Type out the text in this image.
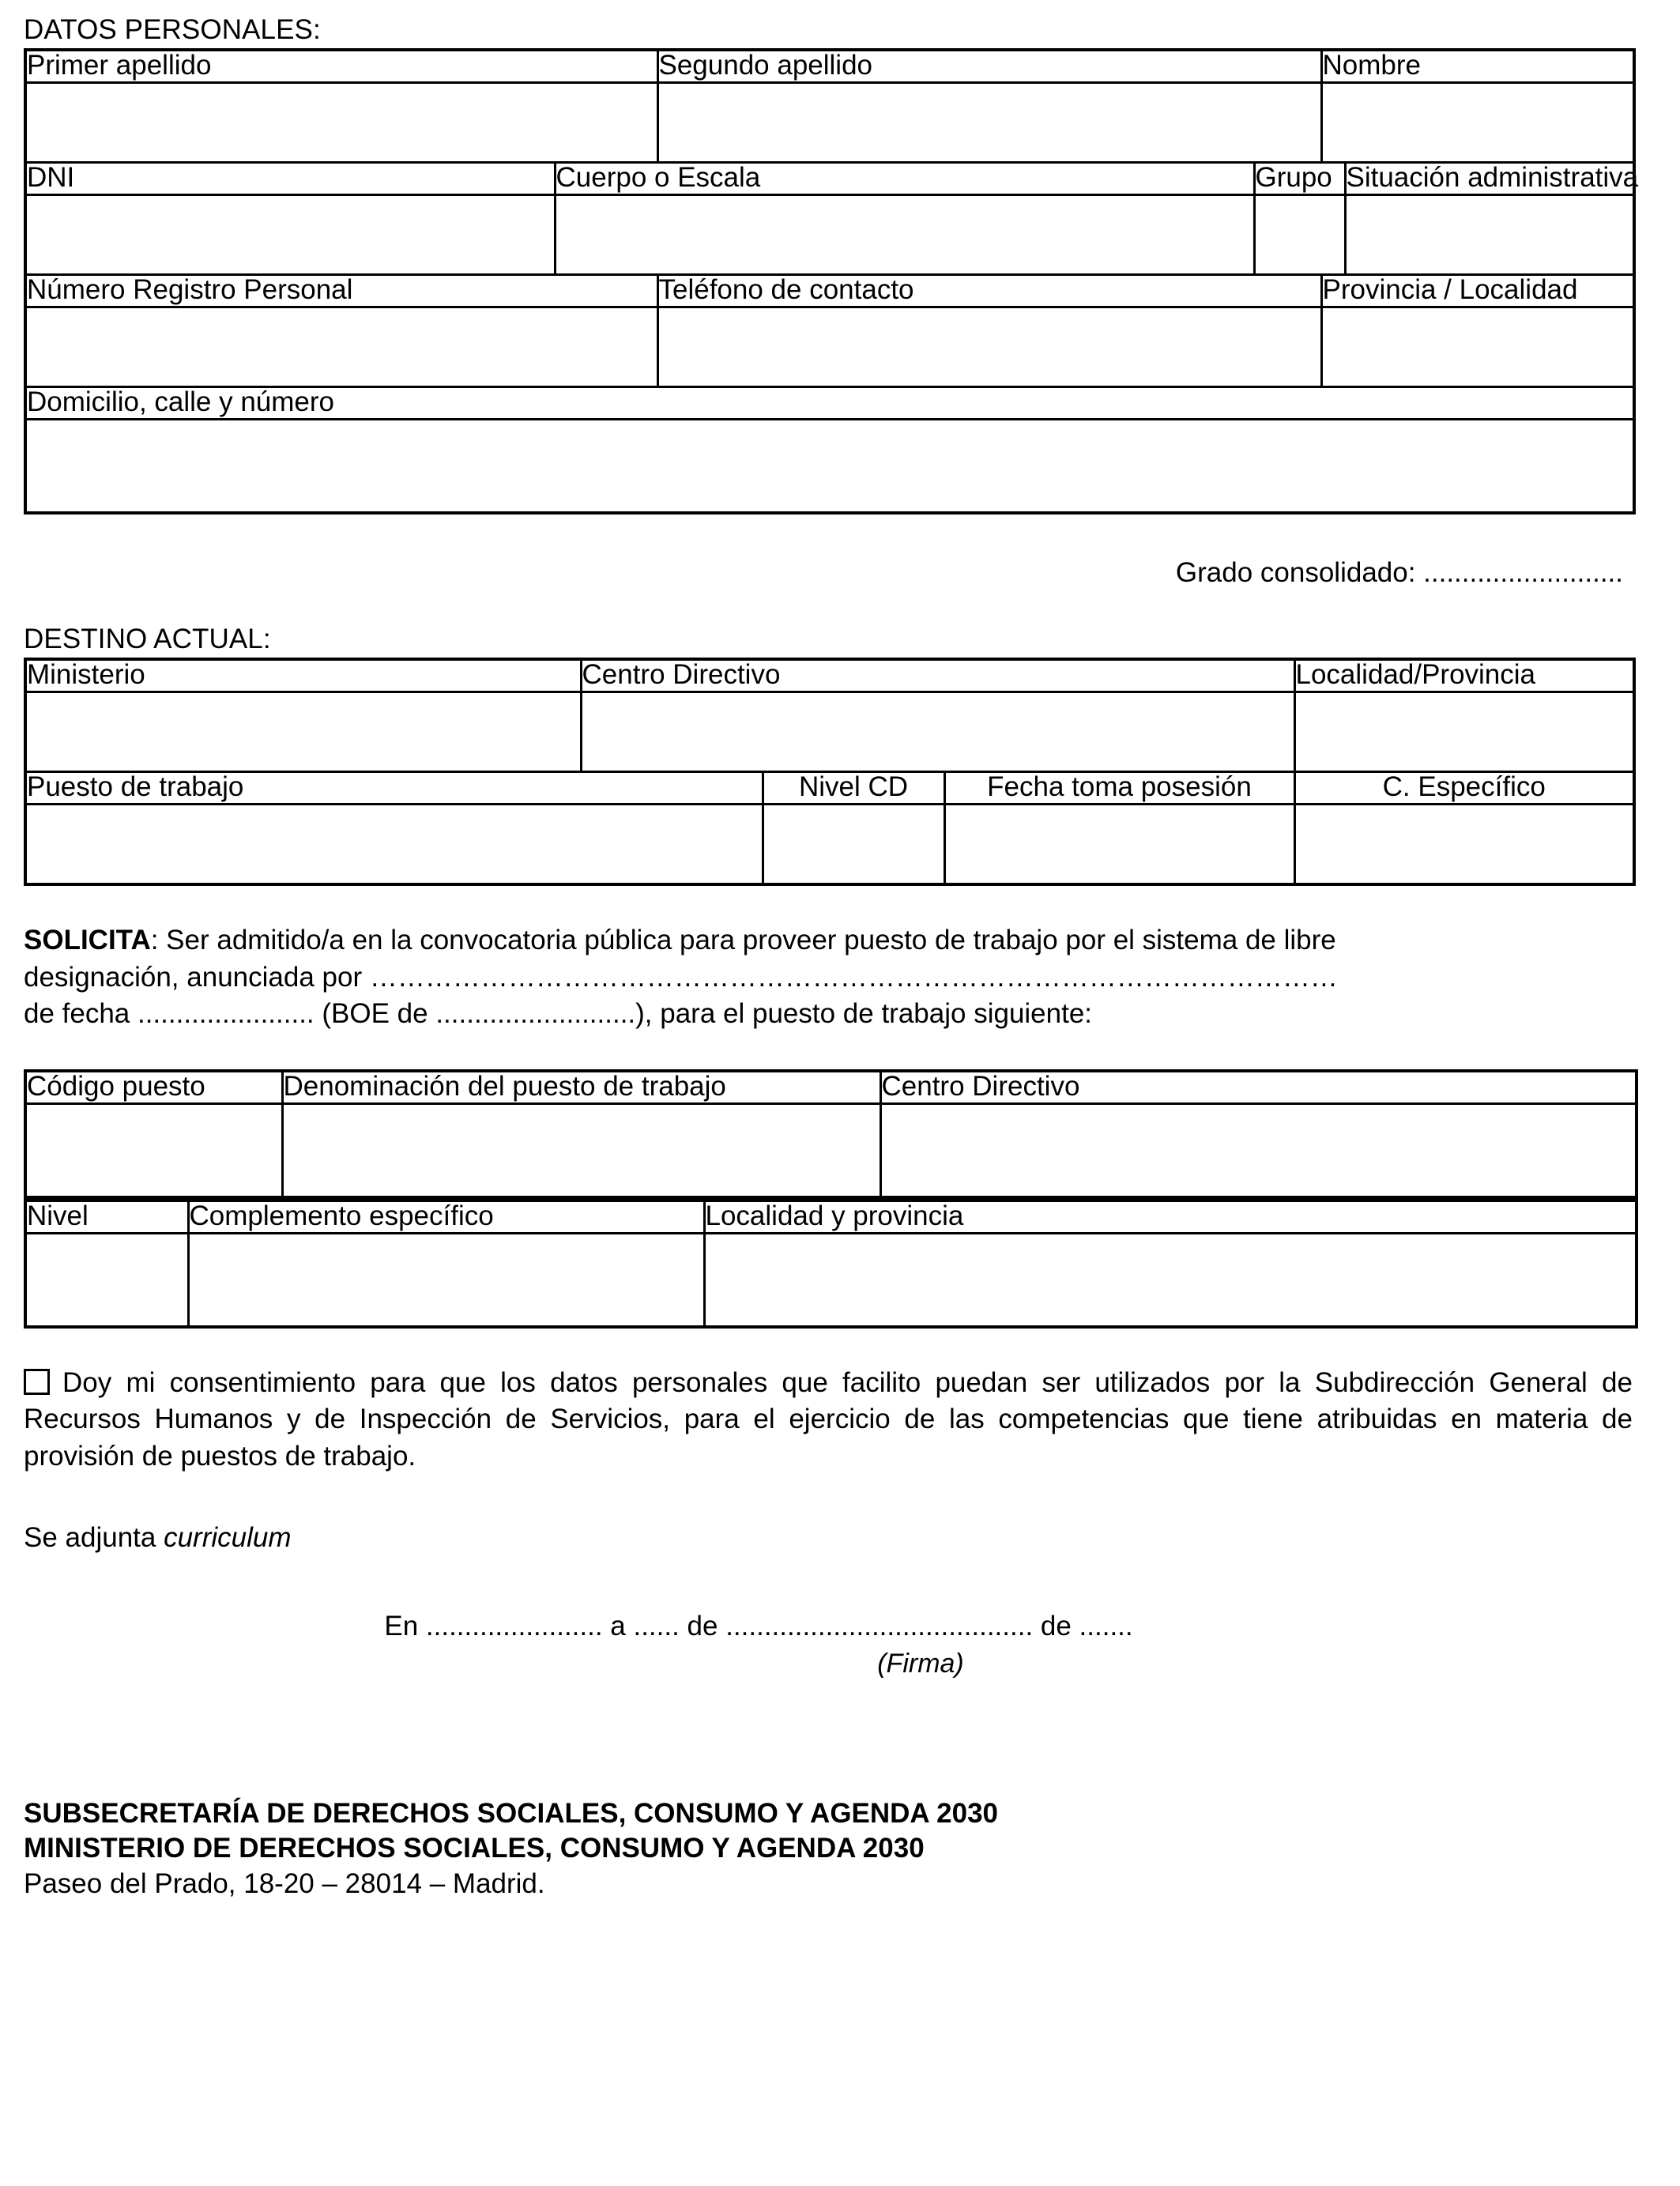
DATOS PERSONALES:
Primer apellido		Segundo apellido		Nombre	

DNI	Cuerpo o Escala		Grupo		Situación administrativa

Número Registro Personal		Teléfono de contacto		Provincia / Localidad	

Domicilio, calle y número					

Grado consolidado: ..........................
DESTINO ACTUAL:
Ministerio	Centro Directivo			Localidad/Provincia

Puesto de trabajo		Nivel CD	Fecha toma posesión	C. Específico

SOLICITA: Ser admitido/a en la convocatoria pública para proveer puesto de trabajo por el sistema de libre
designación, anunciada por ……………………………………………………………………………………………
de fecha ....................... (BOE de ..........................), para el puesto de trabajo siguiente:
Código puesto	Denominación del puesto de trabajo	Centro Directivo

Nivel	Complemento específico	Localidad y provincia

Doy mi consentimiento para que los datos personales que facilito puedan ser utilizados por la Subdirección General de Recursos Humanos y de Inspección de Servicios, para el ejercicio de las competencias que tiene atribuidas en materia de provisión de puestos de trabajo.
Se adjunta curriculum
En ....................... a ...... de ........................................ de .......
(Firma)
SUBSECRETARÍA DE DERECHOS SOCIALES, CONSUMO Y AGENDA 2030
MINISTERIO DE DERECHOS SOCIALES, CONSUMO Y AGENDA 2030
Paseo del Prado, 18-20 – 28014 – Madrid.
